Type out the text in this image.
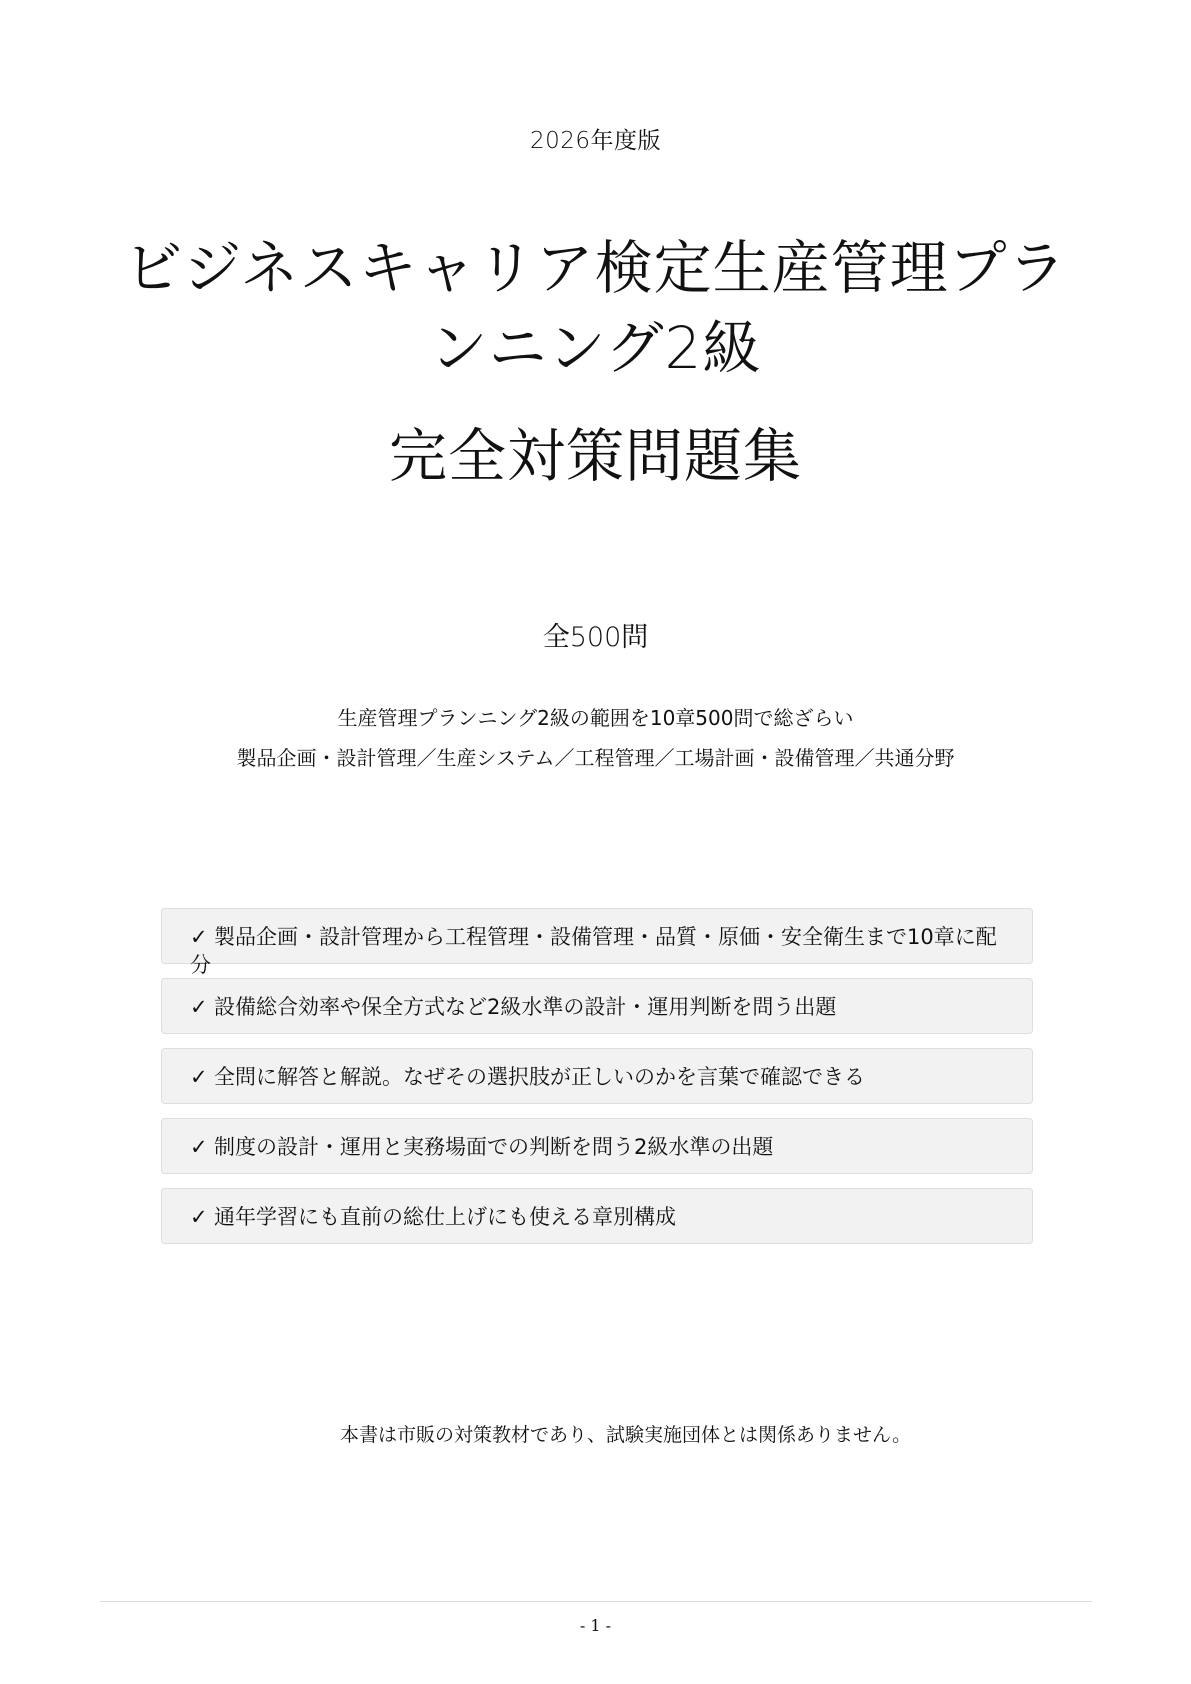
2026年度版
ビジネスキャリア検定生産管理プランニング2級
完全対策問題集
全500問
生産管理プランニング2級の範囲を10章500問で総ざらい
製品企画・設計管理／生産システム／工程管理／工場計画・設備管理／共通分野
✓ 製品企画・設計管理から工程管理・設備管理・品質・原価・安全衛生まで10章に配分
✓ 設備総合効率や保全方式など2級水準の設計・運用判断を問う出題
✓ 全問に解答と解説。なぜその選択肢が正しいのかを言葉で確認できる
✓ 制度の設計・運用と実務場面での判断を問う2級水準の出題
✓ 通年学習にも直前の総仕上げにも使える章別構成
本書は市販の対策教材であり、試験実施団体とは関係ありません。
- 1 -
